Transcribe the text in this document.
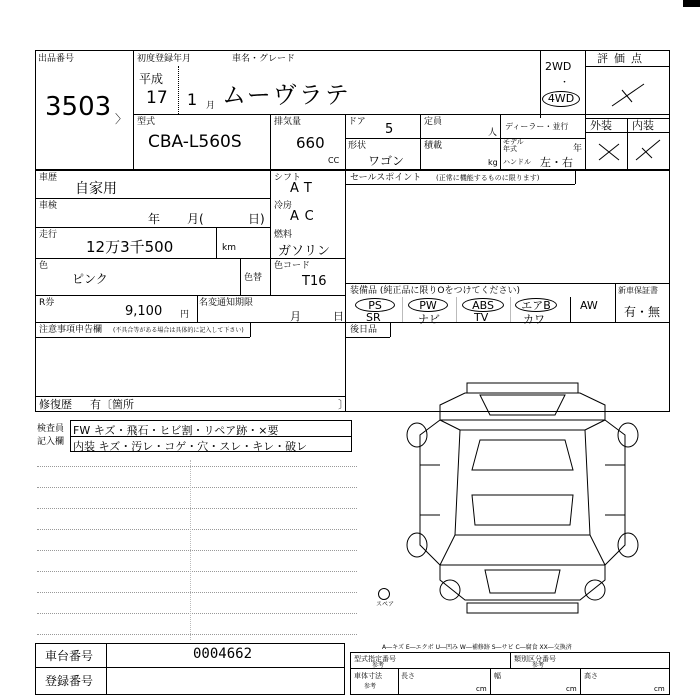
出品番号
3503 〉
初度登録年月
平成
17 1 月
車名・グレード
ムーヴラテ
2WD
・
4WD
評価点
型式
CBA-L560S
排気量
660
CC
ドア 5	定員
人
ディーラー・並行
形状
ワゴン
積載
kg
モデル
年式	年
ハンドル 左・右
外装 内装
車歴
自家用
車検
年 月(	日)
走行
12万3千500	km
色
ピンク	色替
シフト
AT
冷房
AC
燃料
ガソリン
色コード
T16
R券
9,100 円
名変通知期限
月	日
注意事項申告欄 (不具合等がある場合は具体的に記入して下さい)
修復歴 有〔箇所	〕
セールスポイント (正常に機能するものに限ります)
装備品 (純正品に限りOをつけてください)	新車保証書
有・無
PS	PW	ABS	エアB	AW
SR	ナビ	TV	カワ
後日品
検査員
記入欄
FW キズ・飛石・ヒビ割・リペア跡・×要
内装 キズ・汚レ・コゲ・穴・スレ・キレ・破レ
スペア
A―キズ E―エクボ U―凹み W―補修跡 S―サビ C―腐食 XX―交換済
車台番号	0004662
登録番号
型式指定番号
参考
類別区分番号
参考
車体寸法
参考
長さ
cm
幅
cm
高さ
cm
